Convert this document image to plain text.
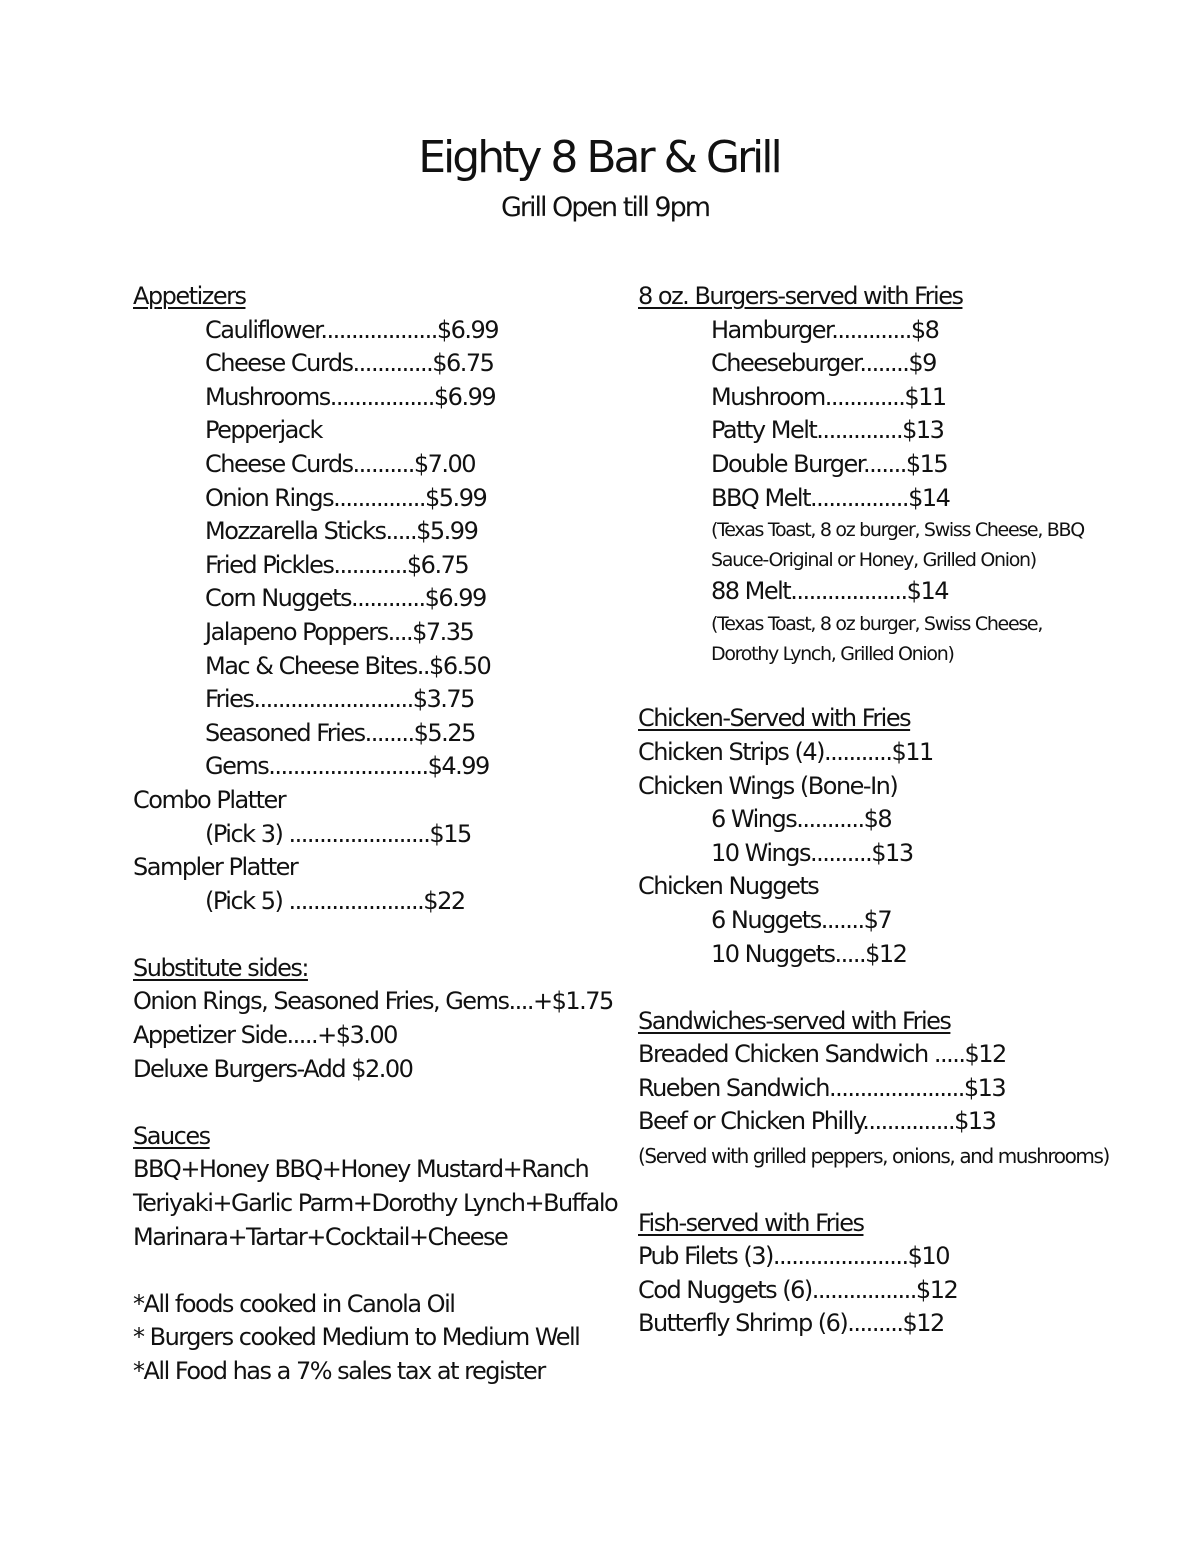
Eighty 8 Bar & Grill
Grill Open till 9pm
Appetizers
Cauliflower...................$6.99
Cheese Curds.............$6.75
Mushrooms.................$6.99
Pepperjack
Cheese Curds..........$7.00
Onion Rings...............$5.99
Mozzarella Sticks.....$5.99
Fried Pickles............$6.75
Corn Nuggets............$6.99
Jalapeno Poppers....$7.35
Mac & Cheese Bites..$6.50
Fries..........................$3.75
Seasoned Fries........$5.25
Gems..........................$4.99
Combo Platter
(Pick 3) .......................$15
Sampler Platter
(Pick 5) ......................$22
Substitute sides:
Onion Rings, Seasoned Fries, Gems....+$1.75
Appetizer Side.....+$3.00
Deluxe Burgers-Add $2.00
Sauces
BBQ+Honey BBQ+Honey Mustard+Ranch
Teriyaki+Garlic Parm+Dorothy Lynch+Buffalo
Marinara+Tartar+Cocktail+Cheese
*All foods cooked in Canola Oil
* Burgers cooked Medium to Medium Well
*All Food has a 7% sales tax at register
8 oz. Burgers-served with Fries
Hamburger.............$8
Cheeseburger........$9
Mushroom.............$11
Patty Melt..............$13
Double Burger.......$15
BBQ Melt................$14
(Texas Toast, 8 oz burger, Swiss Cheese, BBQ
Sauce-Original or Honey, Grilled Onion)
88 Melt...................$14
(Texas Toast, 8 oz burger, Swiss Cheese,
Dorothy Lynch, Grilled Onion)
Chicken-Served with Fries
Chicken Strips (4)...........$11
Chicken Wings (Bone-In)
6 Wings...........$8
10 Wings..........$13
Chicken Nuggets
6 Nuggets.......$7
10 Nuggets.....$12
Sandwiches-served with Fries
Breaded Chicken Sandwich .....$12
Rueben Sandwich......................$13
Beef or Chicken Philly...............$13
(Served with grilled peppers, onions, and mushrooms)
Fish-served with Fries
Pub Filets (3)......................$10
Cod Nuggets (6).................$12
Butterfly Shrimp (6).........$12
